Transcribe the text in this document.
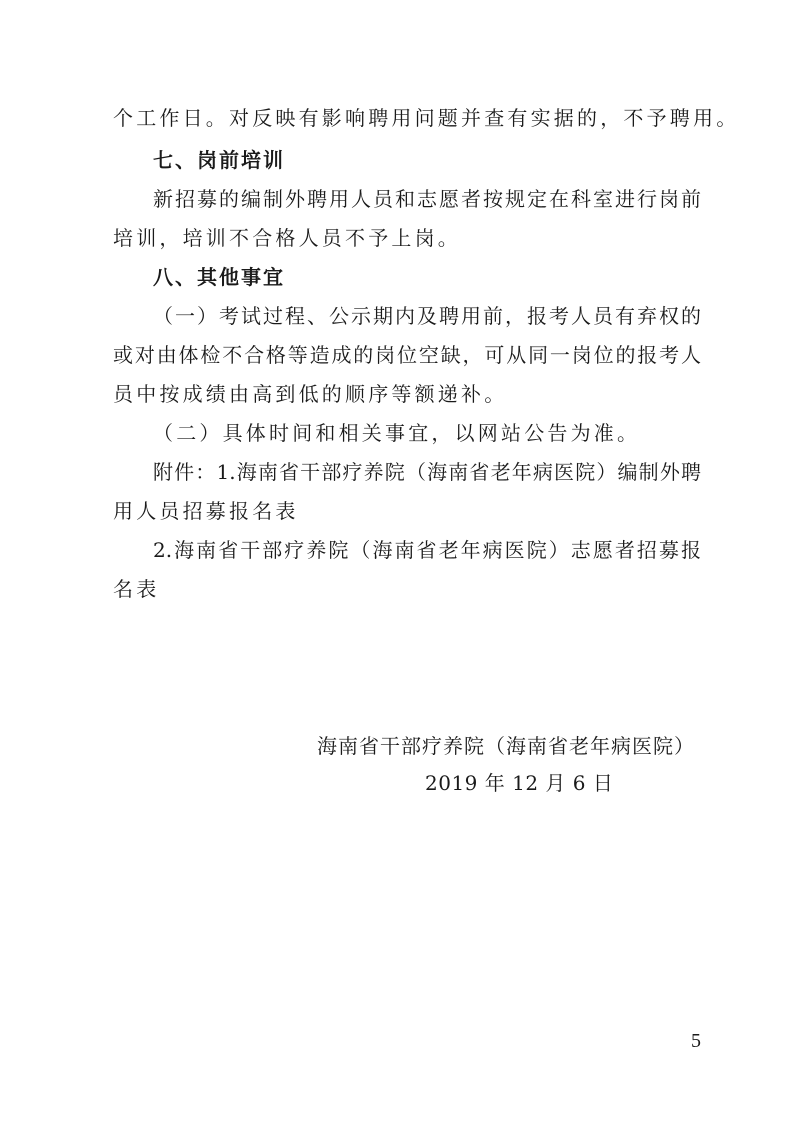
个工作日。对反映有影响聘用问题并查有实据的，不予聘用。
七、岗前培训
新招募的编制外聘用人员和志愿者按规定在科室进行岗前
培训，培训不合格人员不予上岗。
八、其他事宜
（一）考试过程、公示期内及聘用前，报考人员有弃权的
或对由体检不合格等造成的岗位空缺，可从同一岗位的报考人
员中按成绩由高到低的顺序等额递补。
（二）具体时间和相关事宜，以网站公告为准。
附件：1.海南省干部疗养院（海南省老年病医院）编制外聘
用人员招募报名表
2.海南省干部疗养院（海南省老年病医院）志愿者招募报
名表
海南省干部疗养院（海南省老年病医院）
2019 年 12 月 6 日
5
